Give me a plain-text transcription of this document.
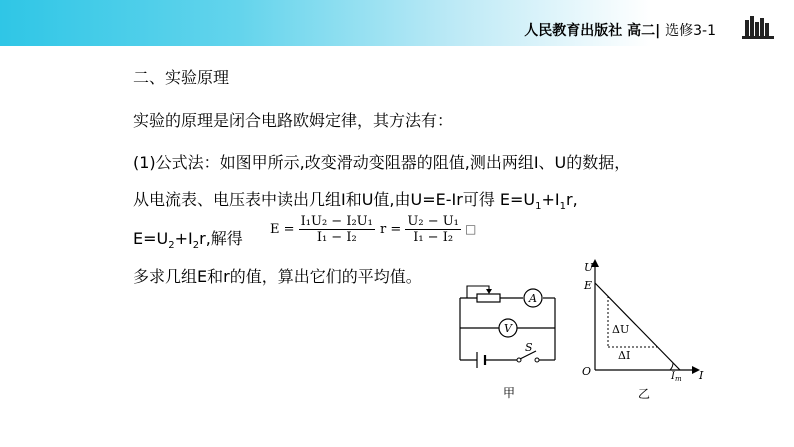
人民教育出版社 高二| 选修3-1
二、实验原理
实验的原理是闭合电路欧姆定律，其方法有：
(1)公式法：如图甲所示,改变滑动变阻器的阻值,测出两组I、U的数据，
从电流表、电压表中读出几组I和U值,由U=E-Ir可得 $E=U_1+I_1r$,
$E=U_2+I_2r$,解得 $E = \frac{\text{I₁U₂ − I₂U₁}}{\text{I₁ − I₂}}$ $r = \frac{\text{U₂ − U₁}}{\text{I₁ − I₂}}$ □
多求几组E和r的值，算出它们的平均值。
A
V
S
甲
U
I
O
E
ΔU
ΔI
$I_m$
乙
